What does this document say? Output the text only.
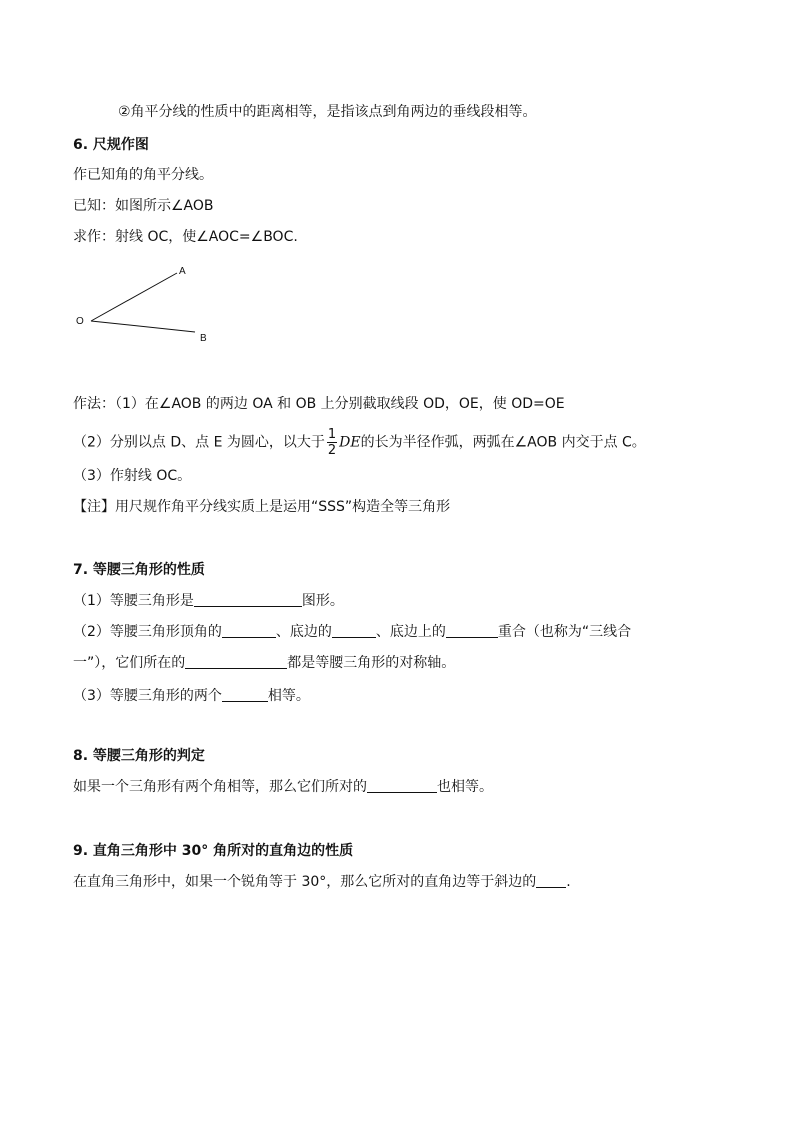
②角平分线的性质中的距离相等，是指该点到角两边的垂线段相等。
6. 尺规作图
作已知角的角平分线。
已知：如图所示∠AOB
求作：射线 OC，使∠AOC=∠BOC.
A
O
B
作法：（1）在∠AOB 的两边 OA 和 OB 上分别截取线段 OD，OE，使 OD=OE
（2）分别以点 D、点 E 为圆心，以大于 $\frac{1}{2}$ DE的长为半径作弧，两弧在∠AOB 内交于点 C。
（3）作射线 OC。
【注】用尺规作角平分线实质上是运用“SSS”构造全等三角形
7. 等腰三角形的性质
（1）等腰三角形是	图形。
（2）等腰三角形顶角的	、底边的	、底边上的	重合（也称为“三线合
一”），它们所在的	都是等腰三角形的对称轴。
（3）等腰三角形的两个	相等。
8. 等腰三角形的判定
如果一个三角形有两个角相等，那么它们所对的	也相等。
9. 直角三角形中 30° 角所对的直角边的性质
在直角三角形中，如果一个锐角等于 30°，那么它所对的直角边等于斜边的 .
